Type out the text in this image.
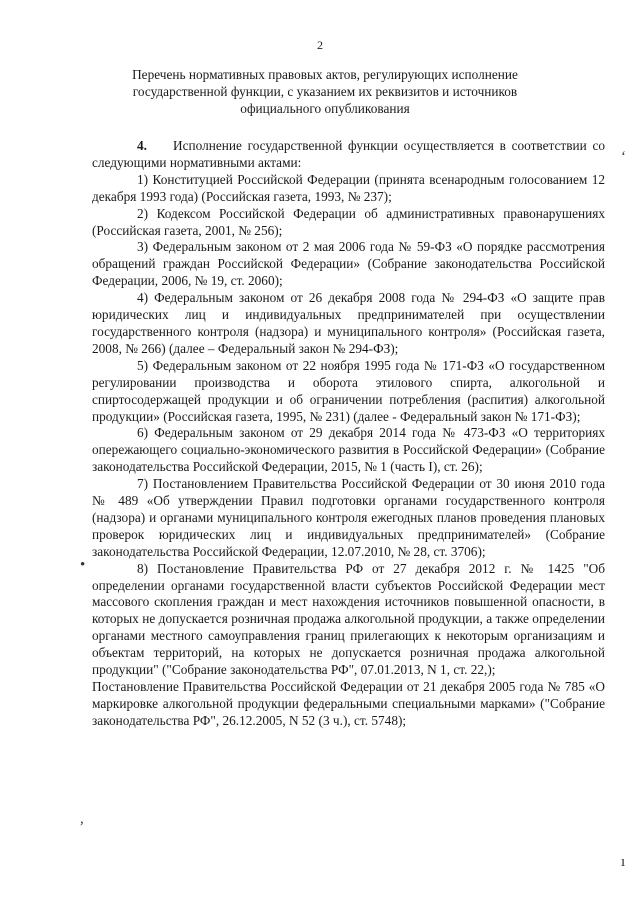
2
Перечень нормативных правовых актов, регулирующих исполнение
государственной функции, с указанием их реквизитов и источников
официального опубликования

4. Исполнение государственной функции осуществляется в соответствии со следующими нормативными актами:

1) Конституцией Российской Федерации (принята всенародным голосованием 12 декабря 1993 года) (Российская газета, 1993, № 237);

2) Кодексом Российской Федерации об административных правонарушениях (Российская газета, 2001, № 256);

3) Федеральным законом от 2 мая 2006 года № 59-ФЗ «О порядке рассмотрения обращений граждан Российской Федерации» (Собрание законодательства Российской Федерации, 2006, № 19, ст. 2060);

4) Федеральным законом от 26 декабря 2008 года № 294-ФЗ «О защите прав юридических лиц и индивидуальных предпринимателей при осуществлении государственного контроля (надзора) и муниципального контроля» (Российская газета, 2008, № 266) (далее – Федеральный закон № 294-ФЗ);

5) Федеральным законом от 22 ноября 1995 года № 171-ФЗ «О государственном регулировании производства и оборота этилового спирта, алкогольной и спиртосодержащей продукции и об ограничении потребления (распития) алкогольной продукции» (Российская газета, 1995, № 231) (далее - Федеральный закон № 171-ФЗ);

6) Федеральным законом от 29 декабря 2014 года № 473-ФЗ «О территориях опережающего социально-экономического развития в Российской Федерации» (Собрание законодательства Российской Федерации, 2015, № 1 (часть I), ст. 26);

7) Постановлением Правительства Российской Федерации от 30 июня 2010 года № 489 «Об утверждении Правил подготовки органами государственного контроля (надзора) и органами муниципального контроля ежегодных планов проведения плановых проверок юридических лиц и индивидуальных предпринимателей» (Собрание законодательства Российской Федерации, 12.07.2010, № 28, ст. 3706);

8) Постановление Правительства РФ от 27 декабря 2012 г. № 1425 "Об определении органами государственной власти субъектов Российской Федерации мест массового скопления граждан и мест нахождения источников повышенной опасности, в которых не допускается розничная продажа алкогольной продукции, а также определении органами местного самоуправления границ прилегающих к некоторым организациям и объектам территорий, на которых не допускается розничная продажа алкогольной продукции" ("Собрание законодательства РФ", 07.01.2013, N 1, ст. 22,);

Постановление Правительства Российской Федерации от 21 декабря 2005 года № 785 «О маркировке алкогольной продукции федеральными специальными марками» ("Собрание законодательства РФ", 26.12.2005, N 52 (3 ч.), ст. 5748);

‘
•
,
ı
